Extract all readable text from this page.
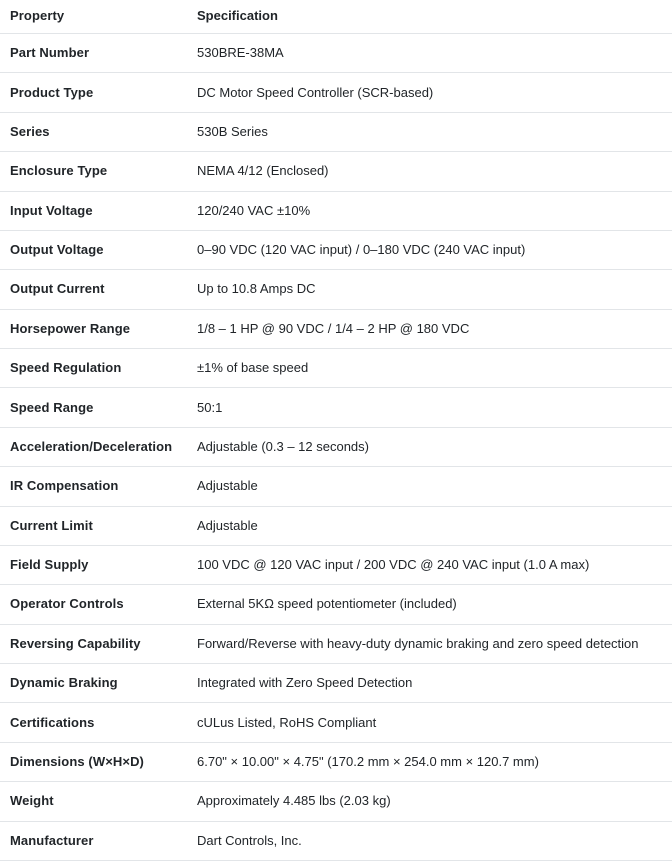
Property	Specification
Part Number	530BRE-38MA
Product Type	DC Motor Speed Controller (SCR-based)
Series	530B Series
Enclosure Type	NEMA 4/12 (Enclosed)
Input Voltage	120/240 VAC ±10%
Output Voltage	0–90 VDC (120 VAC input) / 0–180 VDC (240 VAC input)
Output Current	Up to 10.8 Amps DC
Horsepower Range	1/8 – 1 HP @ 90 VDC / 1/4 – 2 HP @ 180 VDC
Speed Regulation	±1% of base speed
Speed Range	50:1
Acceleration/Deceleration	Adjustable (0.3 – 12 seconds)
IR Compensation	Adjustable
Current Limit	Adjustable
Field Supply	100 VDC @ 120 VAC input / 200 VDC @ 240 VAC input (1.0 A max)
Operator Controls	External 5KΩ speed potentiometer (included)
Reversing Capability	Forward/Reverse with heavy-duty dynamic braking and zero speed detection
Dynamic Braking	Integrated with Zero Speed Detection
Certifications	cULus Listed, RoHS Compliant
Dimensions (W×H×D)	6.70" × 10.00" × 4.75" (170.2 mm × 254.0 mm × 120.7 mm)
Weight	Approximately 4.485 lbs (2.03 kg)
Manufacturer	Dart Controls, Inc.
